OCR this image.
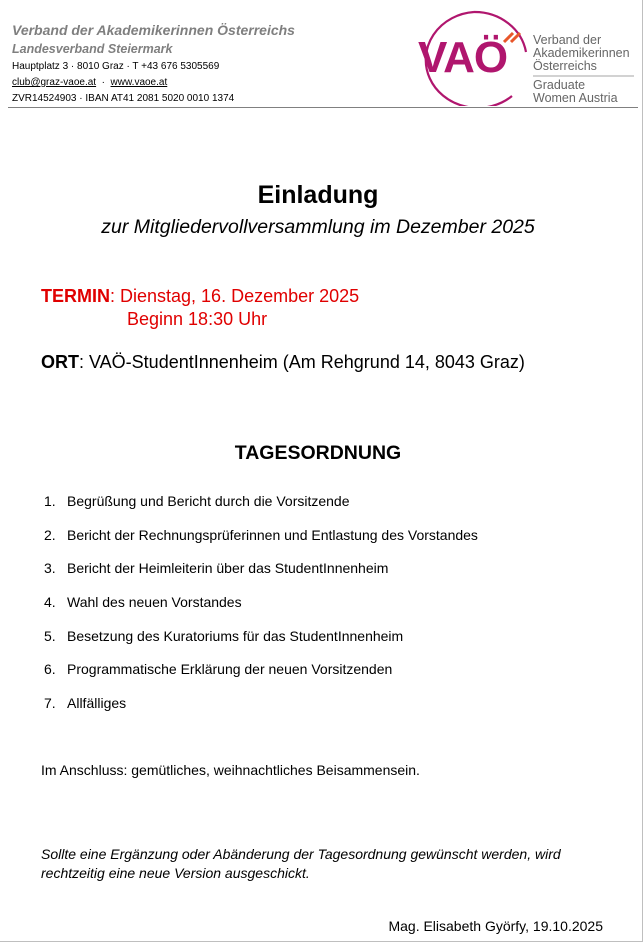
Verband der Akademikerinnen Österreichs
Landesverband Steiermark
Hauptplatz 3 · 8010 Graz · T +43 676 5305569
club@graz-vaoe.at  ·  www.vaoe.at
ZVR14524903 · IBAN AT41 2081 5020 0010 1374
VAÖ Verband der
Akademikerinnen
Österreichs
Graduate
Women Austria
Einladung
zur Mitgliedervollversammlung im Dezember 2025
TERMIN: Dienstag, 16. Dezember 2025
Beginn 18:30 Uhr
ORT: VAÖ-StudentInnenheim (Am Rehgrund 14, 8043 Graz)
TAGESORDNUNG
1. Begrüßung und Bericht durch die Vorsitzende
2. Bericht der Rechnungsprüferinnen und Entlastung des Vorstandes
3. Bericht der Heimleiterin über das StudentInnenheim
4. Wahl des neuen Vorstandes
5. Besetzung des Kuratoriums für das StudentInnenheim
6. Programmatische Erklärung der neuen Vorsitzenden
7. Allfälliges
Im Anschluss: gemütliches, weihnachtliches Beisammensein.
Sollte eine Ergänzung oder Abänderung der Tagesordnung gewünscht werden, wird rechtzeitig eine neue Version ausgeschickt.
Mag. Elisabeth Györfy, 19.10.2025
